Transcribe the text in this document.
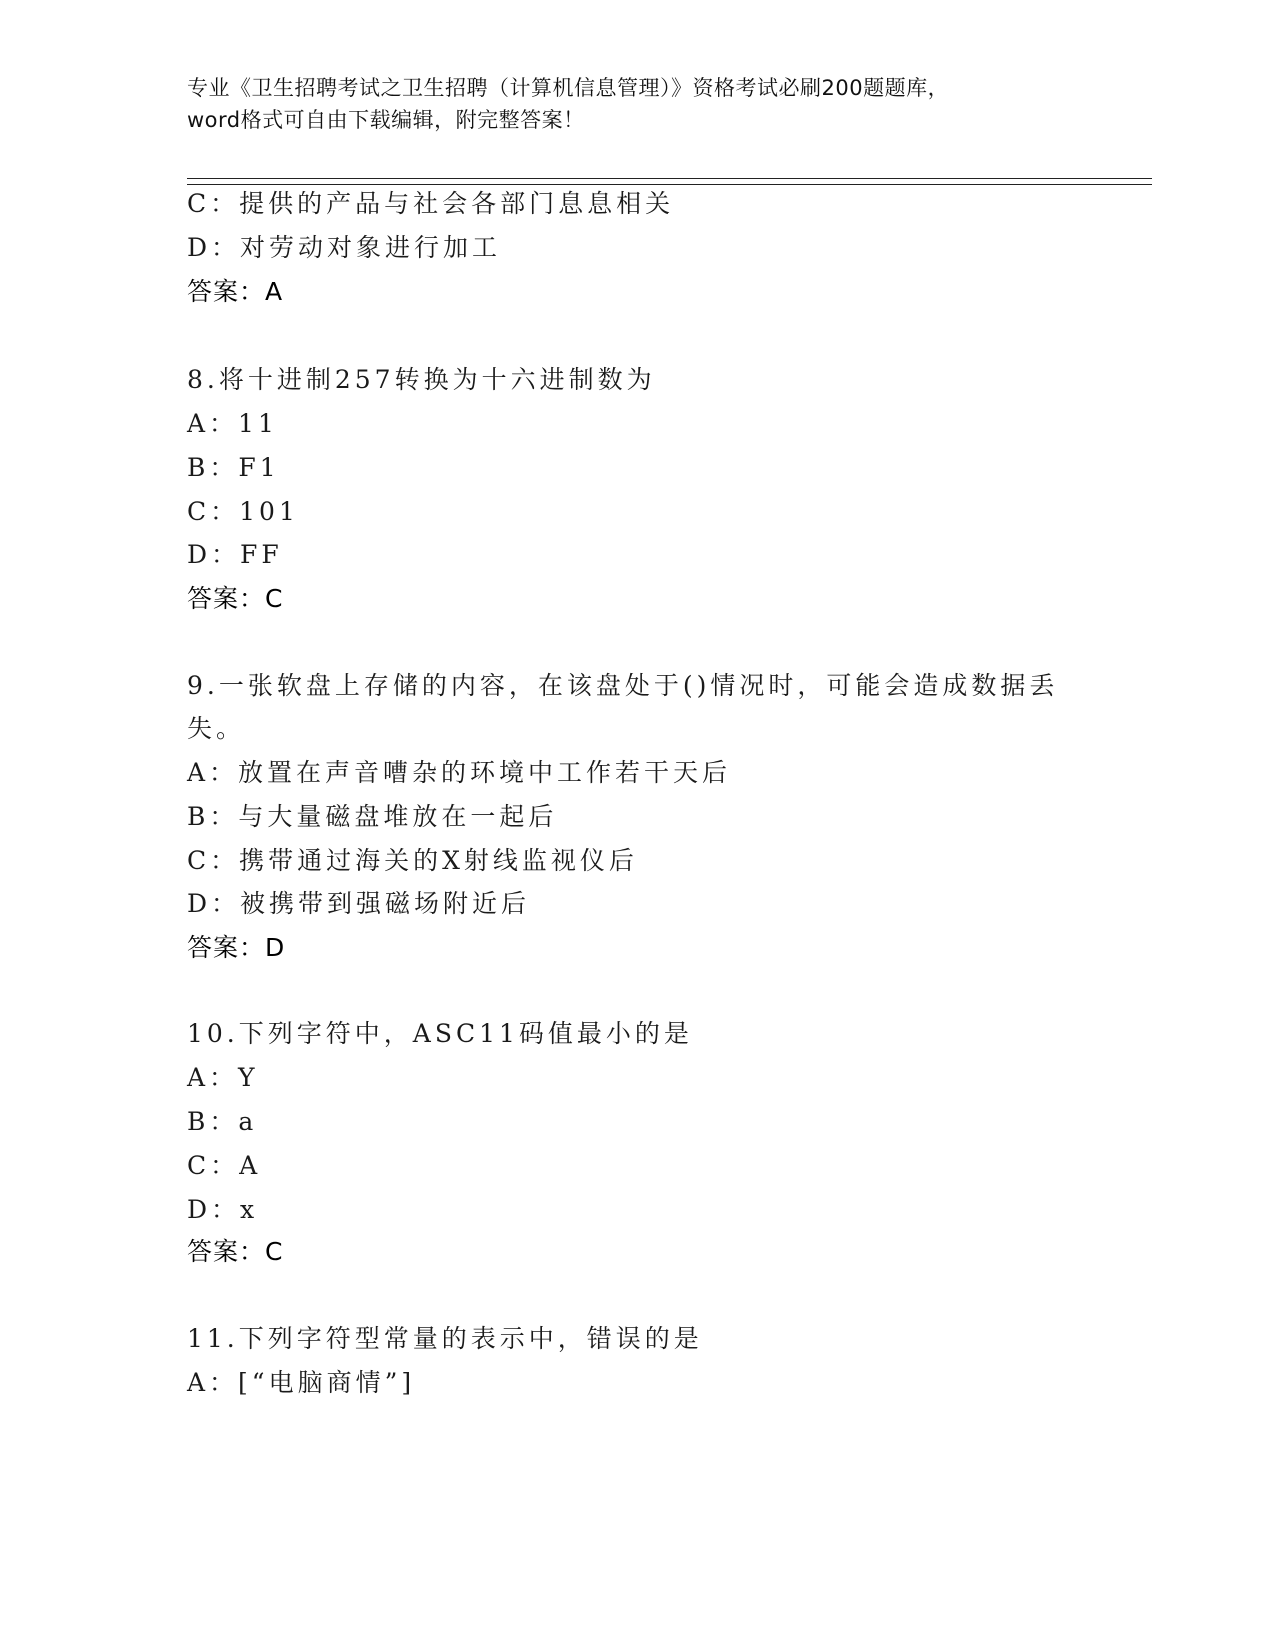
专业《卫生招聘考试之卫生招聘（计算机信息管理）》资格考试必刷200题题库，
word格式可自由下载编辑，附完整答案！
C：提供的产品与社会各部门息息相关
D：对劳动对象进行加工
答案：A
8.将十进制257转换为十六进制数为
A：11
B：F1
C：101
D：FF
答案：C
9.一张软盘上存储的内容，在该盘处于()情况时，可能会造成数据丢
失。
A：放置在声音嘈杂的环境中工作若干天后
B：与大量磁盘堆放在一起后
C：携带通过海关的X射线监视仪后
D：被携带到强磁场附近后
答案：D
10.下列字符中，ASC11码值最小的是
A：Y
B：a
C：A
D：x
答案：C
11.下列字符型常量的表示中，错误的是
A：[“电脑商情”]
